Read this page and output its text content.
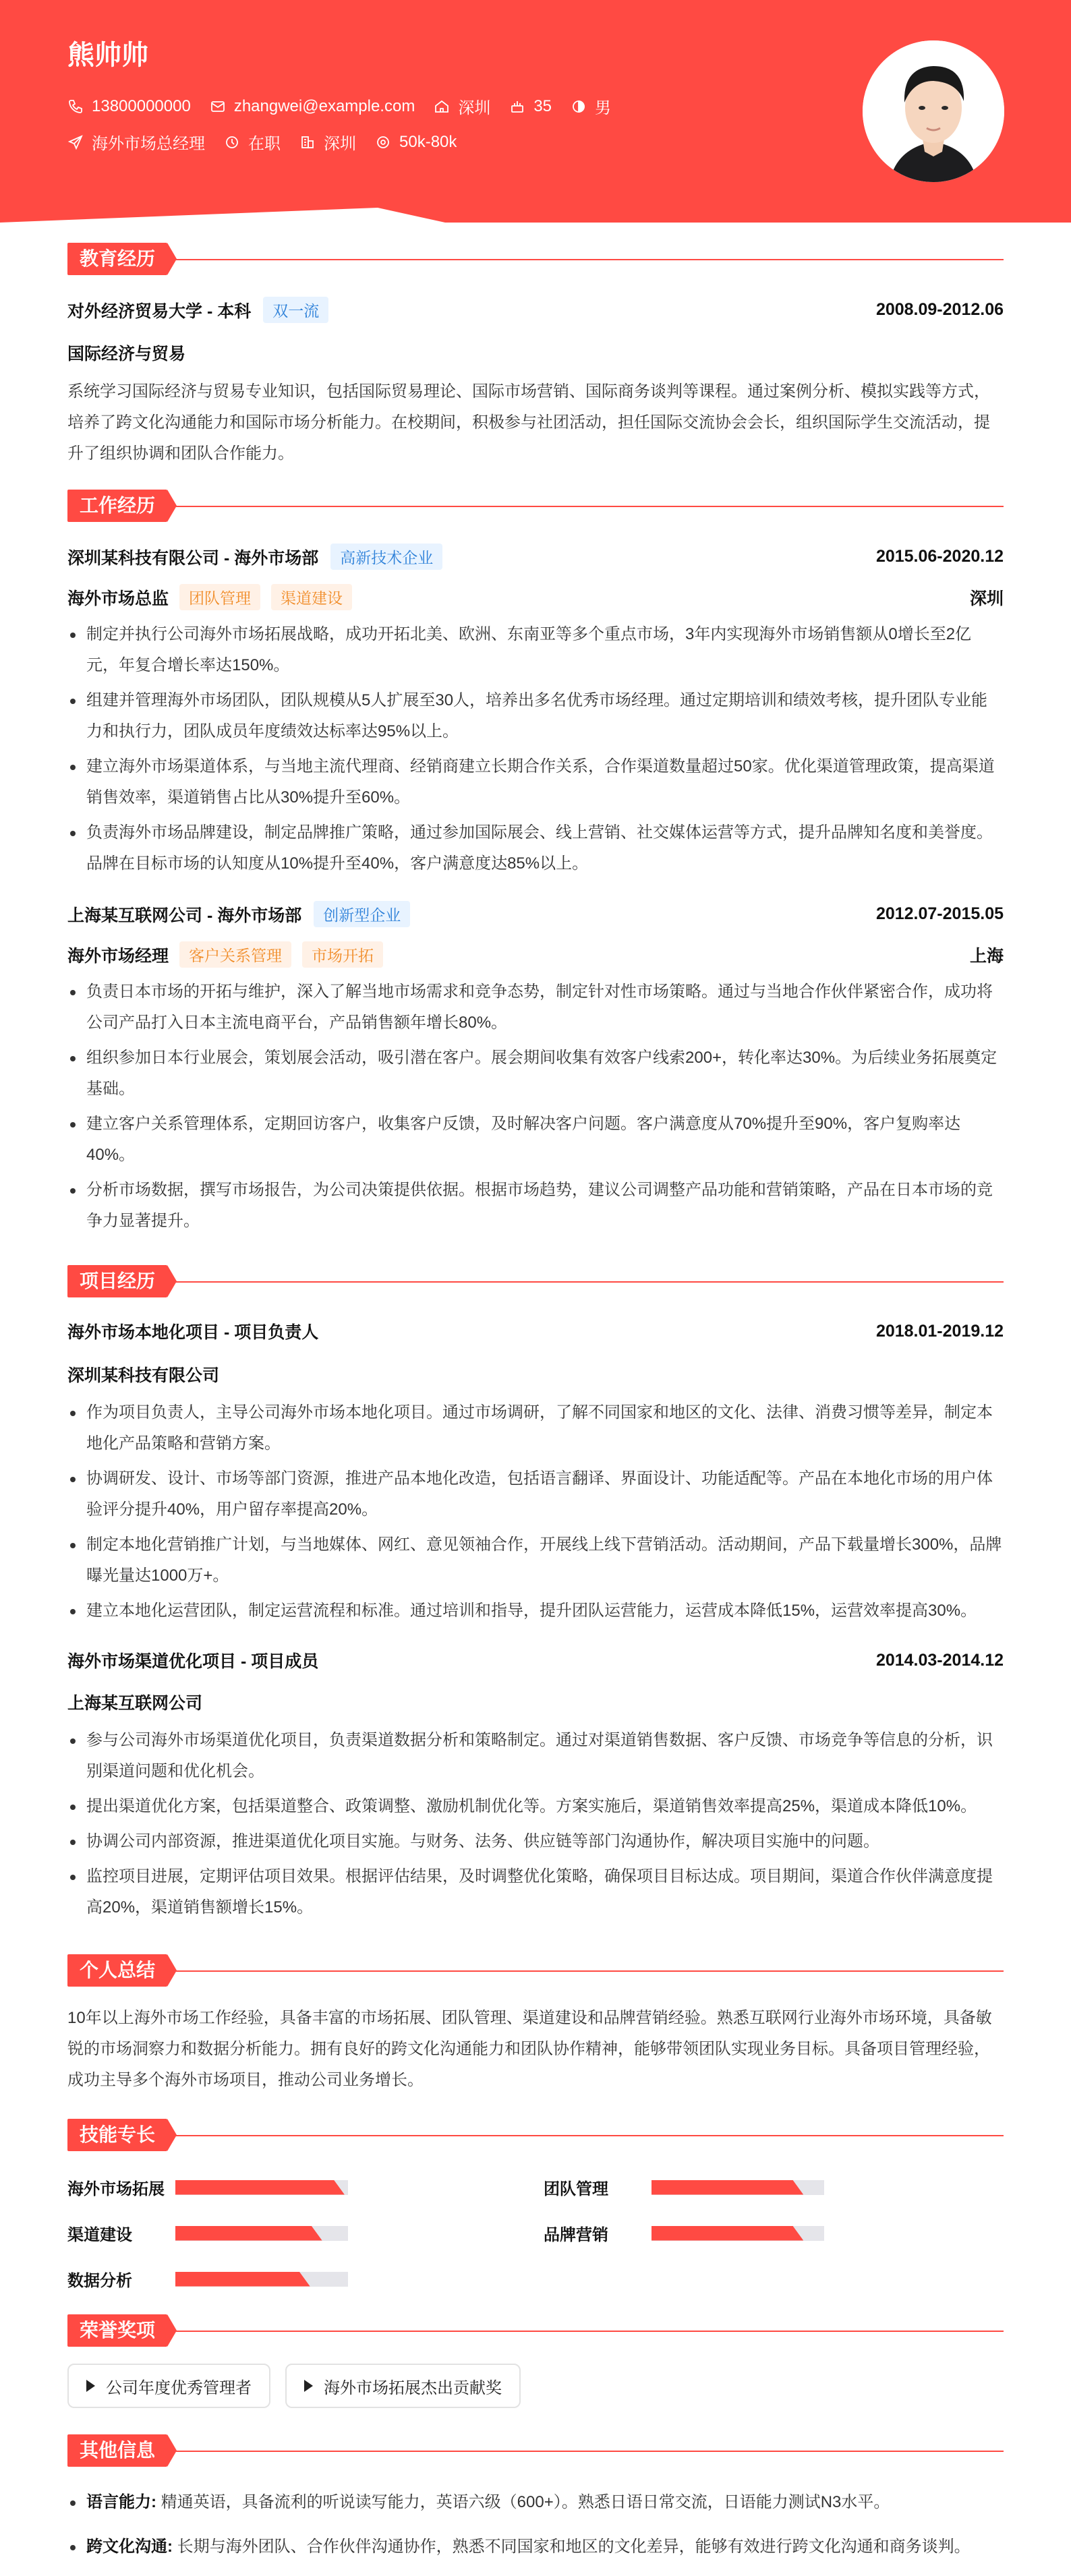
熊帅帅
13800000000	zhangwei@example.com	深圳	35	男
海外市场总经理	在职	深圳	50k-80k
教育经历
对外经济贸易大学 - 本科	双一流	2008.09-2012.06
国际经济与贸易
系统学习国际经济与贸易专业知识，包括国际贸易理论、国际市场营销、国际商务谈判等课程。通过案例分析、模拟实践等方式，培养了跨文化沟通能力和国际市场分析能力。在校期间，积极参与社团活动，担任国际交流协会会长，组织国际学生交流活动，提升了组织协调和团队合作能力。
工作经历
深圳某科技有限公司 - 海外市场部	高新技术企业	2015.06-2020.12
海外市场总监	团队管理	渠道建设	深圳
制定并执行公司海外市场拓展战略，成功开拓北美、欧洲、东南亚等多个重点市场，3年内实现海外市场销售额从0增长至2亿元，年复合增长率达150%。
组建并管理海外市场团队，团队规模从5人扩展至30人，培养出多名优秀市场经理。通过定期培训和绩效考核，提升团队专业能力和执行力，团队成员年度绩效达标率达95%以上。
建立海外市场渠道体系，与当地主流代理商、经销商建立长期合作关系，合作渠道数量超过50家。优化渠道管理政策，提高渠道销售效率，渠道销售占比从30%提升至60%。
负责海外市场品牌建设，制定品牌推广策略，通过参加国际展会、线上营销、社交媒体运营等方式，提升品牌知名度和美誉度。品牌在目标市场的认知度从10%提升至40%，客户满意度达85%以上。
上海某互联网公司 - 海外市场部	创新型企业	2012.07-2015.05
海外市场经理	客户关系管理	市场开拓	上海
负责日本市场的开拓与维护，深入了解当地市场需求和竞争态势，制定针对性市场策略。通过与当地合作伙伴紧密合作，成功将公司产品打入日本主流电商平台，产品销售额年增长80%。
组织参加日本行业展会，策划展会活动，吸引潜在客户。展会期间收集有效客户线索200+，转化率达30%。为后续业务拓展奠定基础。
建立客户关系管理体系，定期回访客户，收集客户反馈，及时解决客户问题。客户满意度从70%提升至90%，客户复购率达40%。
分析市场数据，撰写市场报告，为公司决策提供依据。根据市场趋势，建议公司调整产品功能和营销策略，产品在日本市场的竞争力显著提升。
项目经历
海外市场本地化项目 - 项目负责人	2018.01-2019.12
深圳某科技有限公司
作为项目负责人，主导公司海外市场本地化项目。通过市场调研，了解不同国家和地区的文化、法律、消费习惯等差异，制定本地化产品策略和营销方案。
协调研发、设计、市场等部门资源，推进产品本地化改造，包括语言翻译、界面设计、功能适配等。产品在本地化市场的用户体验评分提升40%，用户留存率提高20%。
制定本地化营销推广计划，与当地媒体、网红、意见领袖合作，开展线上线下营销活动。活动期间，产品下载量增长300%，品牌曝光量达1000万+。
建立本地化运营团队，制定运营流程和标准。通过培训和指导，提升团队运营能力，运营成本降低15%，运营效率提高30%。
海外市场渠道优化项目 - 项目成员	2014.03-2014.12
上海某互联网公司
参与公司海外市场渠道优化项目，负责渠道数据分析和策略制定。通过对渠道销售数据、客户反馈、市场竞争等信息的分析，识别渠道问题和优化机会。
提出渠道优化方案，包括渠道整合、政策调整、激励机制优化等。方案实施后，渠道销售效率提高25%，渠道成本降低10%。
协调公司内部资源，推进渠道优化项目实施。与财务、法务、供应链等部门沟通协作，解决项目实施中的问题。
监控项目进展，定期评估项目效果。根据评估结果，及时调整优化策略，确保项目目标达成。项目期间，渠道合作伙伴满意度提高20%，渠道销售额增长15%。
个人总结
10年以上海外市场工作经验，具备丰富的市场拓展、团队管理、渠道建设和品牌营销经验。熟悉互联网行业海外市场环境，具备敏锐的市场洞察力和数据分析能力。拥有良好的跨文化沟通能力和团队协作精神，能够带领团队实现业务目标。具备项目管理经验，成功主导多个海外市场项目，推动公司业务增长。
技能专长
海外市场拓展	团队管理
渠道建设	品牌营销
数据分析
荣誉奖项
公司年度优秀管理者	海外市场拓展杰出贡献奖
其他信息
语言能力: 精通英语，具备流利的听说读写能力，英语六级（600+）。熟悉日语日常交流，日语能力测试N3水平。
跨文化沟通: 长期与海外团队、合作伙伴沟通协作，熟悉不同国家和地区的文化差异，能够有效进行跨文化沟通和商务谈判。
